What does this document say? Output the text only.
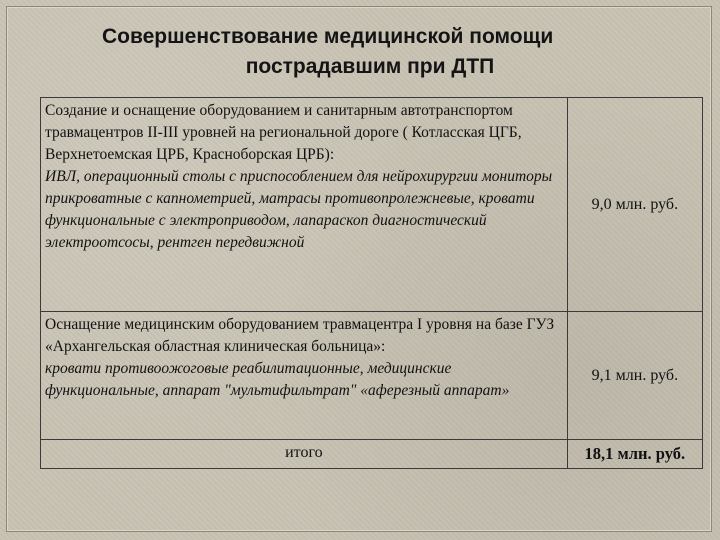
Совершенствование медицинской помощи
пострадавшим при ДТП
Создание и оснащение оборудованием и санитарным автотранспортом травмацентров II-III уровней на региональной дороге ( Котласская ЦГБ, Верхнетоемская ЦРБ, Красноборская ЦРБ):
ИВЛ, операционный столы с приспособлением для нейрохирургии мониторы прикроватные с капнометрией, матрасы противопролежневые, кровати функциональные с электроприводом, лапараскоп диагностический электроотсосы, рентген передвижной	9,0 млн. руб.

Оснащение медицинским оборудованием травмацентра I уровня на базе ГУЗ «Архангельская областная клиническая больница»:
кровати противоожоговые реабилитационные, медицинские функциональные, аппарат "мультифильтрат" «аферезный аппарат»	9,1 млн. руб.
итого	18,1 млн. руб.
